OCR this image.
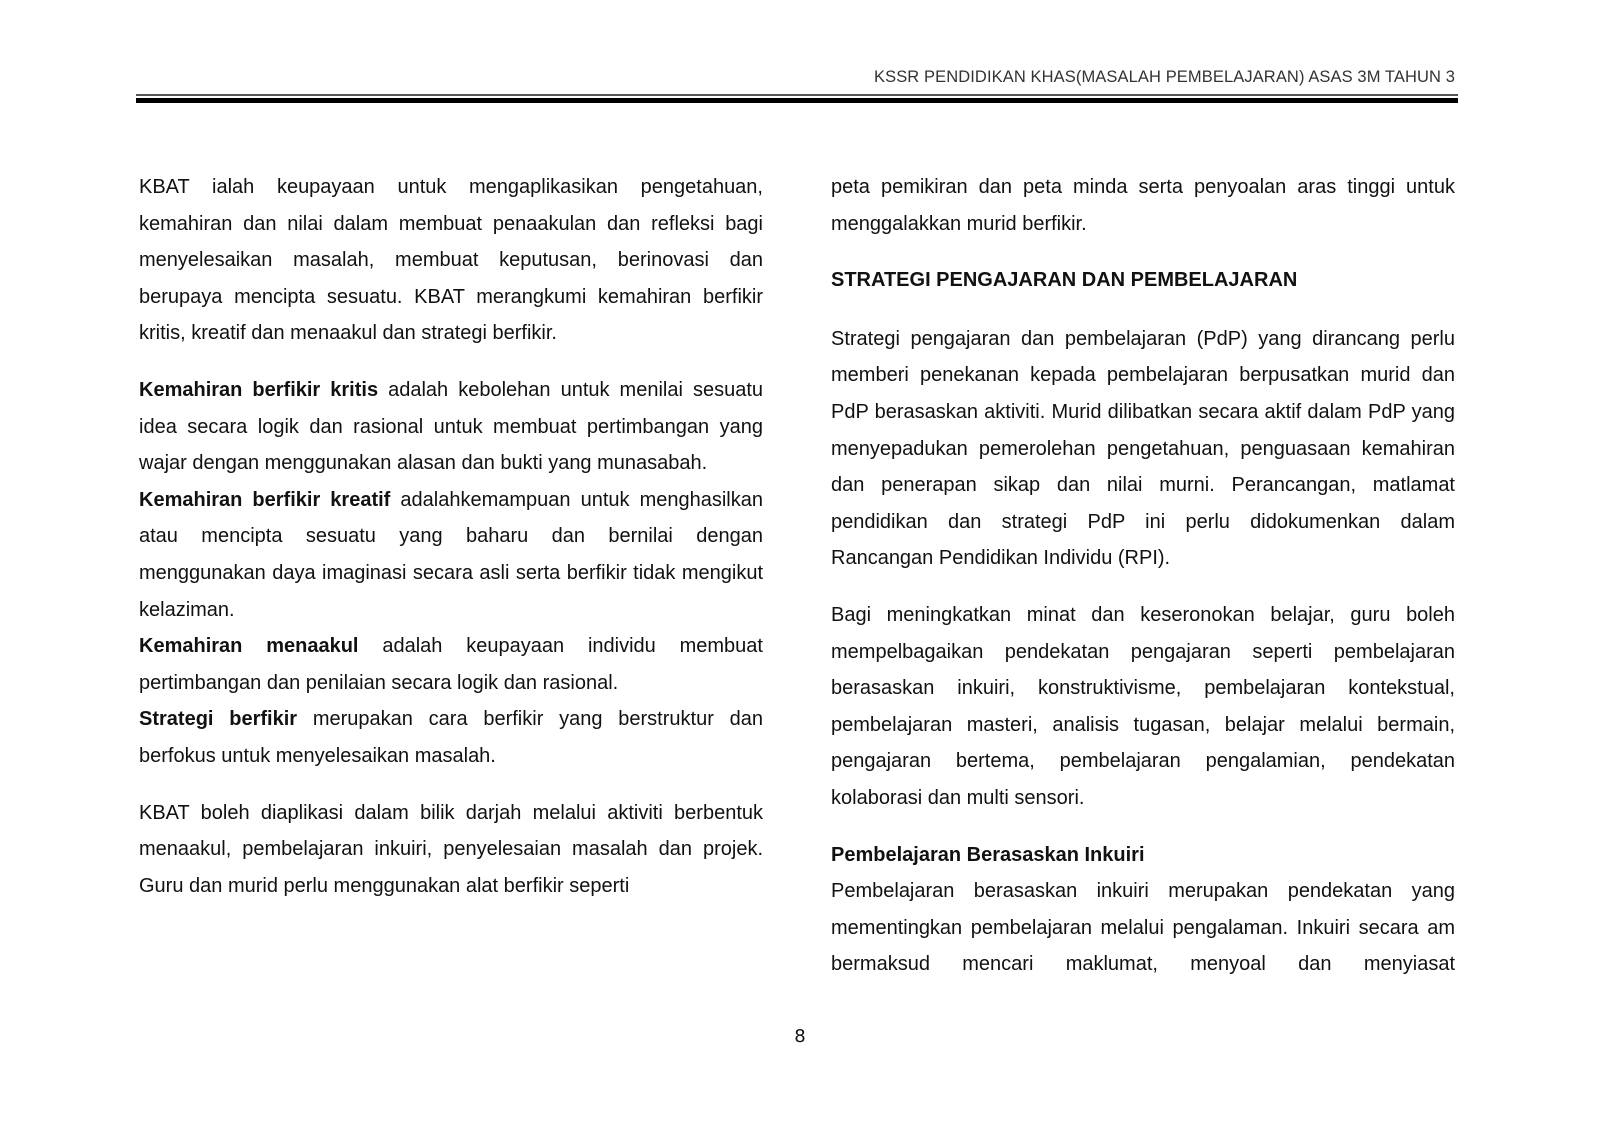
KSSR PENDIDIKAN KHAS(MASALAH PEMBELAJARAN) ASAS 3M TAHUN 3

KBAT ialah keupayaan untuk mengaplikasikan pengetahuan, kemahiran dan nilai dalam membuat penaakulan dan refleksi bagi menyelesaikan masalah, membuat keputusan, berinovasi dan berupaya mencipta sesuatu. KBAT merangkumi kemahiran berfikir kritis, kreatif dan menaakul dan strategi berfikir.

Kemahiran berfikir kritis adalah kebolehan untuk menilai sesuatu idea secara logik dan rasional untuk membuat pertimbangan yang wajar dengan menggunakan alasan dan bukti yang munasabah.

Kemahiran berfikir kreatif adalahkemampuan untuk menghasilkan atau mencipta sesuatu yang baharu dan bernilai dengan menggunakan daya imaginasi secara asli serta berfikir tidak mengikut kelaziman.

Kemahiran menaakul adalah keupayaan individu membuat pertimbangan dan penilaian secara logik dan rasional.

Strategi berfikir merupakan cara berfikir yang berstruktur dan berfokus untuk menyelesaikan masalah.

KBAT boleh diaplikasi dalam bilik darjah melalui aktiviti berbentuk menaakul, pembelajaran inkuiri, penyelesaian masalah dan projek. Guru dan murid perlu menggunakan alat berfikir seperti

peta pemikiran dan peta minda serta penyoalan aras tinggi untuk menggalakkan murid berfikir.

STRATEGI PENGAJARAN DAN PEMBELAJARAN

Strategi pengajaran dan pembelajaran (PdP) yang dirancang perlu memberi penekanan kepada pembelajaran berpusatkan murid dan PdP berasaskan aktiviti. Murid dilibatkan secara aktif dalam PdP yang menyepadukan pemerolehan pengetahuan, penguasaan kemahiran dan penerapan sikap dan nilai murni. Perancangan, matlamat pendidikan dan strategi PdP ini perlu didokumenkan dalam Rancangan Pendidikan Individu (RPI).

Bagi meningkatkan minat dan keseronokan belajar, guru boleh mempelbagaikan pendekatan pengajaran seperti pembelajaran berasaskan inkuiri, konstruktivisme, pembelajaran kontekstual, pembelajaran masteri, analisis tugasan, belajar melalui bermain, pengajaran bertema, pembelajaran pengalamian, pendekatan kolaborasi dan multi sensori.

Pembelajaran Berasaskan Inkuiri

Pembelajaran berasaskan inkuiri merupakan pendekatan yang mementingkan pembelajaran melalui pengalaman. Inkuiri secara am bermaksud mencari maklumat, menyoal dan menyiasat

8
